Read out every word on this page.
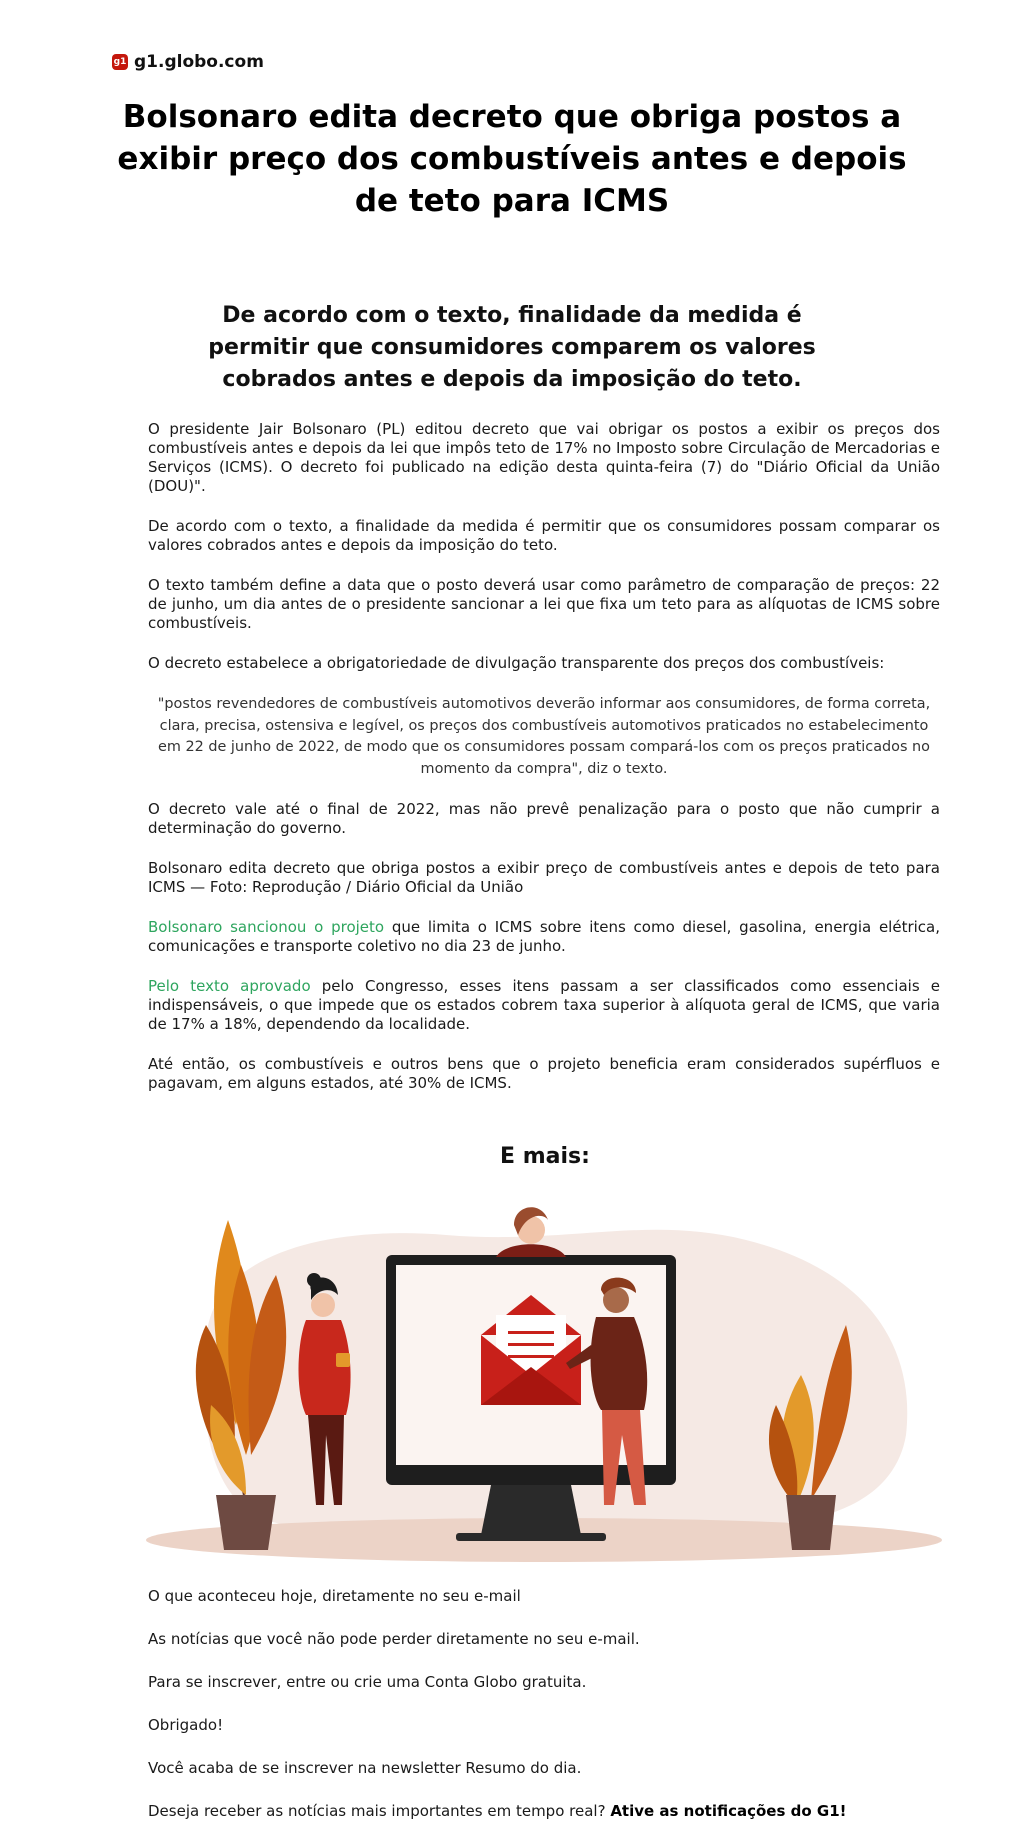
g1 g1.globo.com
Bolsonaro edita decreto que obriga postos a exibir preço dos combustíveis antes e depois de teto para ICMS
De acordo com o texto, finalidade da medida é permitir que consumidores comparem os valores cobrados antes e depois da imposição do teto.

O presidente Jair Bolsonaro (PL) editou decreto que vai obrigar os postos a exibir os preços dos combustíveis antes e depois da lei que impôs teto de 17% no Imposto sobre Circulação de Mercadorias e Serviços (ICMS). O decreto foi publicado na edição desta quinta-feira (7) do "Diário Oficial da União (DOU)".

De acordo com o texto, a finalidade da medida é permitir que os consumidores possam comparar os valores cobrados antes e depois da imposição do teto.

O texto também define a data que o posto deverá usar como parâmetro de comparação de preços: 22 de junho, um dia antes de o presidente sancionar a lei que fixa um teto para as alíquotas de ICMS sobre combustíveis.

O decreto estabelece a obrigatoriedade de divulgação transparente dos preços dos combustíveis:

"postos revendedores de combustíveis automotivos deverão informar aos consumidores, de forma correta, clara, precisa, ostensiva e legível, os preços dos combustíveis automotivos praticados no estabelecimento em 22 de junho de 2022, de modo que os consumidores possam compará-los com os preços praticados no momento da compra", diz o texto.

O decreto vale até o final de 2022, mas não prevê penalização para o posto que não cumprir a determinação do governo.

Bolsonaro edita decreto que obriga postos a exibir preço de combustíveis antes e depois de teto para ICMS — Foto: Reprodução / Diário Oficial da União

Bolsonaro sancionou o projeto que limita o ICMS sobre itens como diesel, gasolina, energia elétrica, comunicações e transporte coletivo no dia 23 de junho.

Pelo texto aprovado pelo Congresso, esses itens passam a ser classificados como essenciais e indispensáveis, o que impede que os estados cobrem taxa superior à alíquota geral de ICMS, que varia de 17% a 18%, dependendo da localidade.

Até então, os combustíveis e outros bens que o projeto beneficia eram considerados supérfluos e pagavam, em alguns estados, até 30% de ICMS.

E mais:

O que aconteceu hoje, diretamente no seu e-mail

As notícias que você não pode perder diretamente no seu e-mail.

Para se inscrever, entre ou crie uma Conta Globo gratuita.

Obrigado!

Você acaba de se inscrever na newsletter Resumo do dia.

Deseja receber as notícias mais importantes em tempo real? Ative as notificações do G1!
